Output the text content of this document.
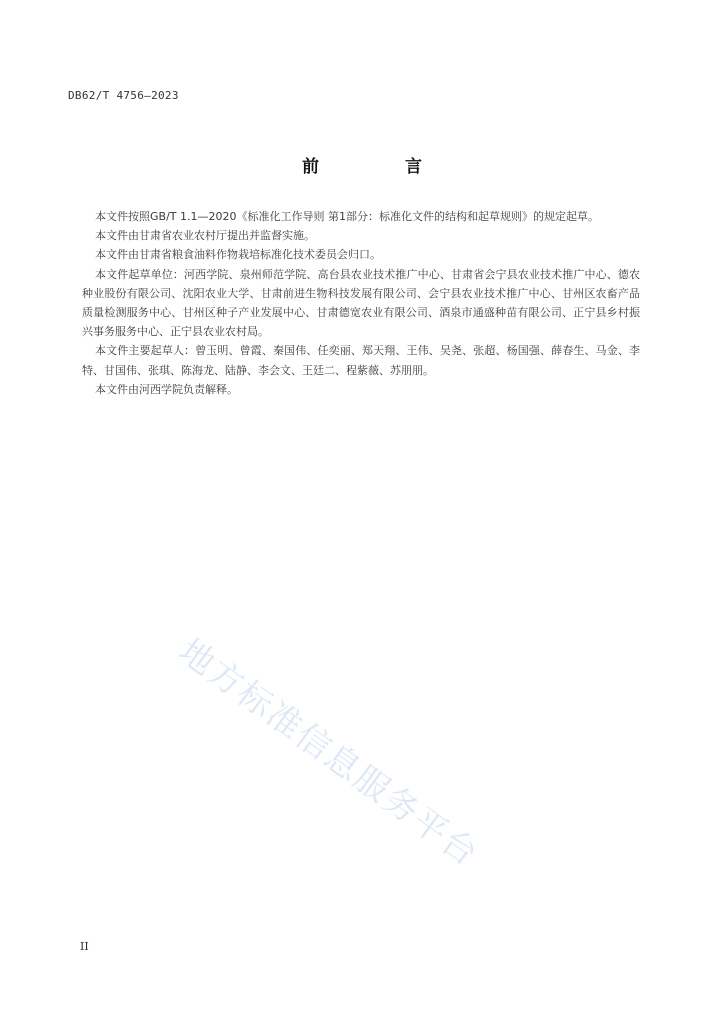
DB62/T 4756—2023
前 言

本文件按照GB/T 1.1—2020《标准化工作导则 第1部分：标准化文件的结构和起草规则》的规定起草。

本文件由甘肃省农业农村厅提出并监督实施。

本文件由甘肃省粮食油料作物栽培标准化技术委员会归口。

本文件起草单位：河西学院、泉州师范学院、高台县农业技术推广中心、甘肃省会宁县农业技术推广中心、德农种业股份有限公司、沈阳农业大学、甘肃前进生物科技发展有限公司、会宁县农业技术推广中心、甘州区农畜产品质量检测服务中心、甘州区种子产业发展中心、甘肃德宽农业有限公司、酒泉市通盛种苗有限公司、正宁县乡村振兴事务服务中心、正宁县农业农村局。

本文件主要起草人：曾玉明、曾霞、秦国伟、任奕丽、郑天翔、王伟、吴尧、张超、杨国强、薛春生、马金、李特、甘国伟、张琪、陈海龙、陆静、李会文、王廷二、程紫薇、苏朋朋。

本文件由河西学院负责解释。

地方标准信息服务平台
II
